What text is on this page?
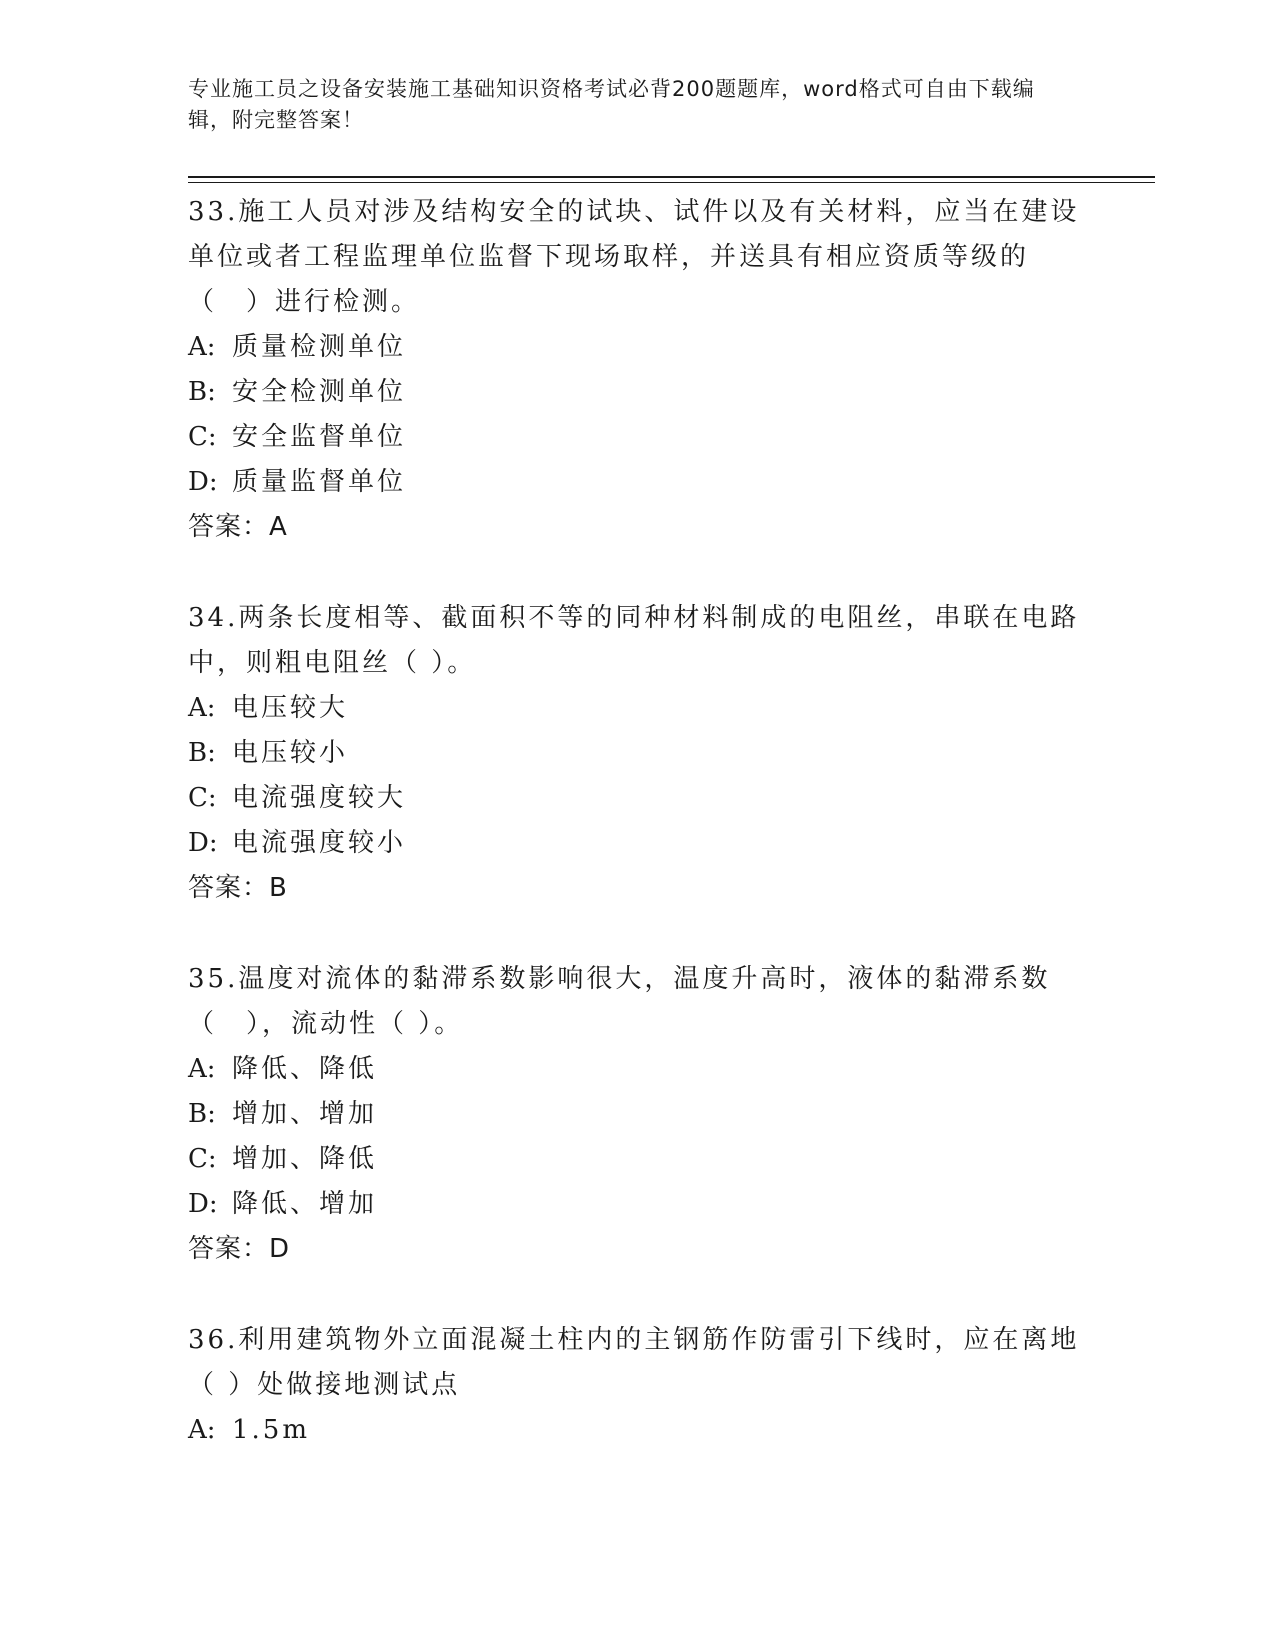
专业施工员之设备安装施工基础知识资格考试必背200题题库，word格式可自由下载编辑，附完整答案！

33.施工人员对涉及结构安全的试块、试件以及有关材料，应当在建设单位或者工程监理单位监督下现场取样，并送具有相应资质等级的（　）进行检测。

A: 质量检测单位

B: 安全检测单位

C: 安全监督单位

D: 质量监督单位

答案：A

34.两条长度相等、截面积不等的同种材料制成的电阻丝，串联在电路中，则粗电阻丝（ ）。

A: 电压较大

B: 电压较小

C: 电流强度较大

D: 电流强度较小

答案：B

35.温度对流体的黏滞系数影响很大，温度升高时，液体的黏滞系数（　），流动性（ ）。

A: 降低、降低

B: 增加、增加

C: 增加、降低

D: 降低、增加

答案：D

36.利用建筑物外立面混凝土柱内的主钢筋作防雷引下线时，应在离地（ ）处做接地测试点

A: 1.5m
